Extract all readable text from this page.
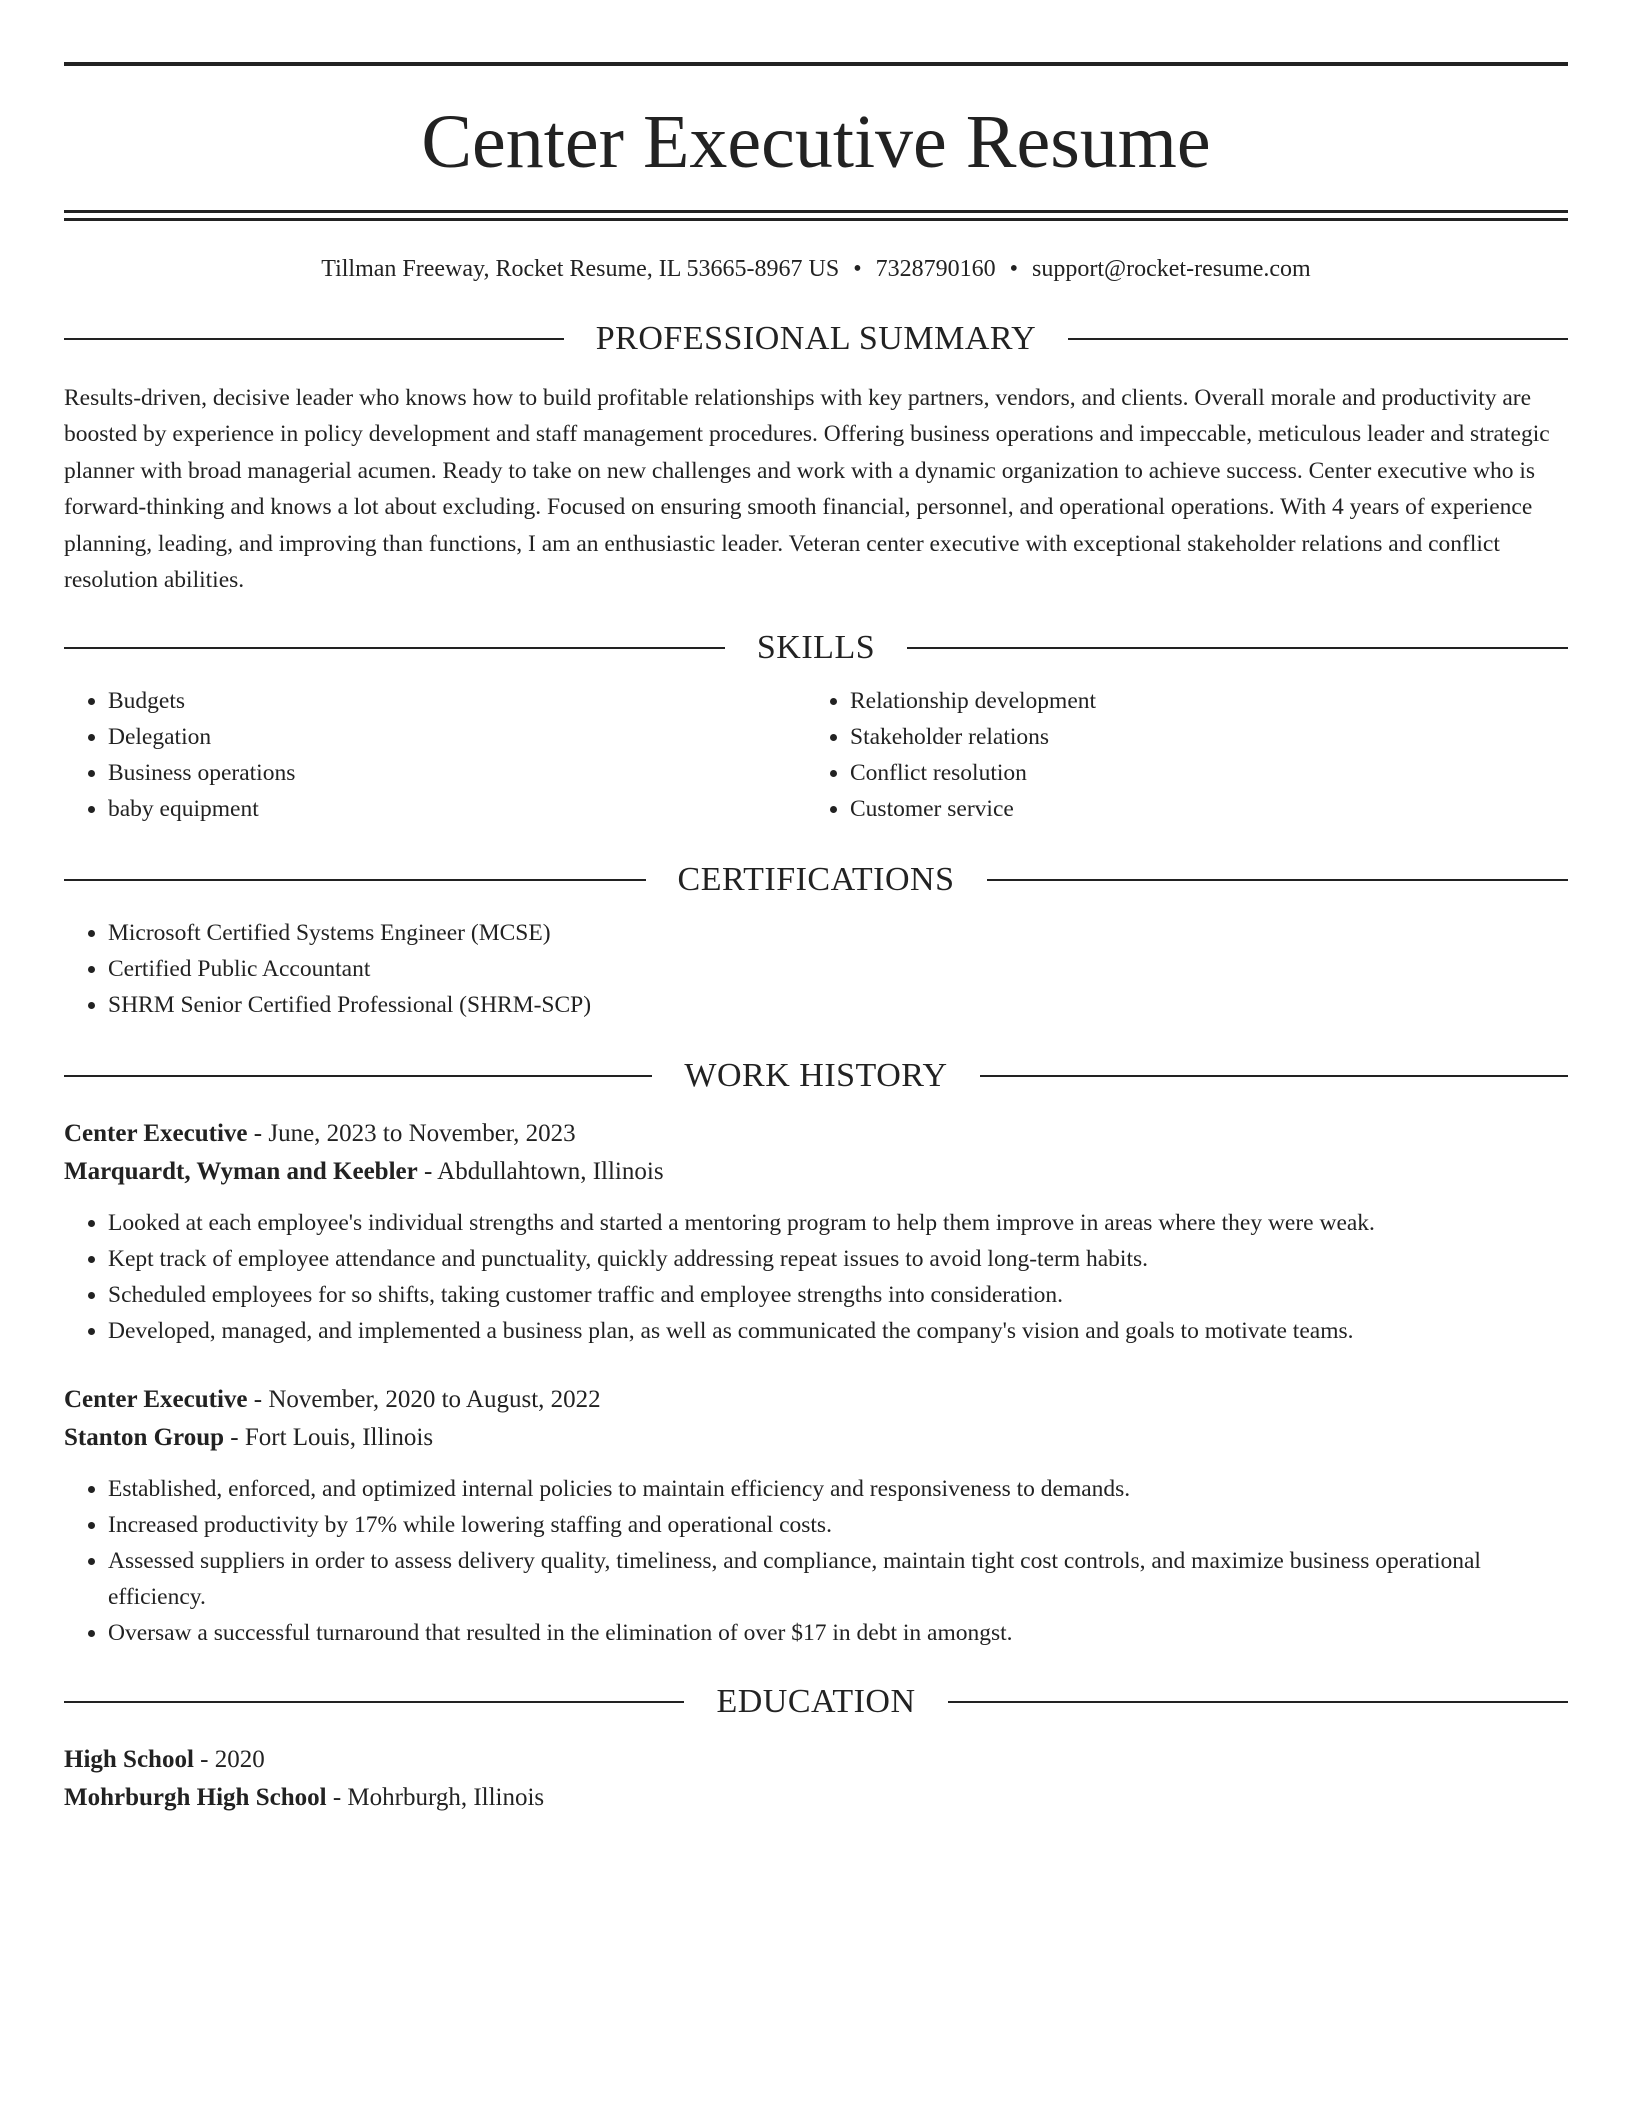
Center Executive Resume
Tillman Freeway, Rocket Resume, IL 53665-8967 US • 7328790160 • support@rocket-resume.com
PROFESSIONAL SUMMARY

Results-driven, decisive leader who knows how to build profitable relationships with key partners, vendors, and clients. Overall morale and productivity are boosted by experience in policy development and staff management procedures. Offering business operations and impeccable, meticulous leader and strategic planner with broad managerial acumen. Ready to take on new challenges and work with a dynamic organization to achieve success. Center executive who is forward-thinking and knows a lot about excluding. Focused on ensuring smooth financial, personnel, and operational operations. With 4 years of experience planning, leading, and improving than functions, I am an enthusiastic leader. Veteran center executive with exceptional stakeholder relations and conflict resolution abilities.

SKILLS
• Budgets
• Delegation
• Business operations
• baby equipment
• Relationship development
• Stakeholder relations
• Conflict resolution
• Customer service
CERTIFICATIONS
• Microsoft Certified Systems Engineer (MCSE)
• Certified Public Accountant
• SHRM Senior Certified Professional (SHRM-SCP)
WORK HISTORY
Center Executive - June, 2023 to November, 2023
Marquardt, Wyman and Keebler - Abdullahtown, Illinois
• Looked at each employee's individual strengths and started a mentoring program to help them improve in areas where they were weak.
• Kept track of employee attendance and punctuality, quickly addressing repeat issues to avoid long-term habits.
• Scheduled employees for so shifts, taking customer traffic and employee strengths into consideration.
• Developed, managed, and implemented a business plan, as well as communicated the company's vision and goals to motivate teams.
Center Executive - November, 2020 to August, 2022
Stanton Group - Fort Louis, Illinois
• Established, enforced, and optimized internal policies to maintain efficiency and responsiveness to demands.
• Increased productivity by 17% while lowering staffing and operational costs.
• Assessed suppliers in order to assess delivery quality, timeliness, and compliance, maintain tight cost controls, and maximize business operational efficiency.
• Oversaw a successful turnaround that resulted in the elimination of over $17 in debt in amongst.
EDUCATION
High School - 2020
Mohrburgh High School - Mohrburgh, Illinois
